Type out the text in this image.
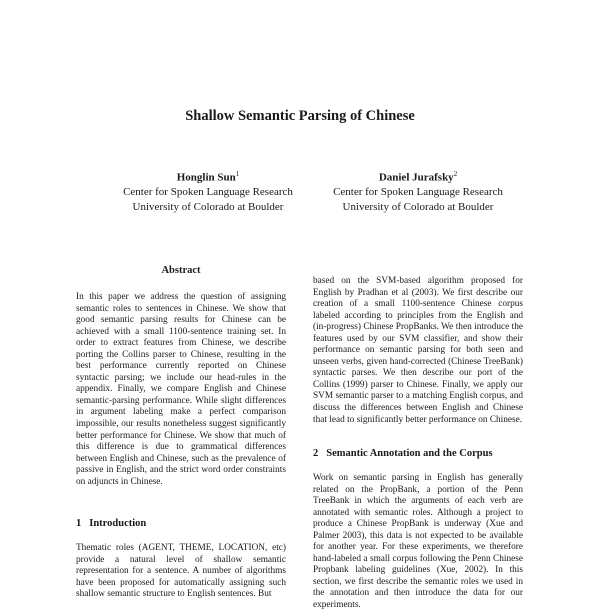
Shallow Semantic Parsing of Chinese
Honglin Sun$^1$
Center for Spoken Language Research
University of Colorado at Boulder
Daniel Jurafsky$^2$
Center for Spoken Language Research
University of Colorado at Boulder
Abstract

In this paper we address the question of assigning semantic roles to sentences in Chinese. We show that good semantic parsing results for Chinese can be achieved with a small 1100-sentence training set. In order to extract features from Chinese, we describe porting the Collins parser to Chinese, resulting in the best performance currently reported on Chinese syntactic parsing; we include our head-rules in the appendix. Finally, we compare English and Chinese semantic-parsing performance. While slight differences in argument labeling make a perfect comparison impossible, our results nonetheless suggest significantly better performance for Chinese. We show that much of this difference is due to grammatical differences between English and Chinese, such as the prevalence of passive in English, and the strict word order constraints on adjuncts in Chinese.

1 Introduction

Thematic roles (AGENT, THEME, LOCATION, etc) provide a natural level of shallow semantic representation for a sentence. A number of algorithms have been proposed for automatically assigning such shallow semantic structure to English sentences. But

based on the SVM-based algorithm proposed for English by Pradhan et al (2003). We first describe our creation of a small 1100-sentence Chinese corpus labeled according to principles from the English and (in-progress) Chinese PropBanks. We then introduce the features used by our SVM classifier, and show their performance on semantic parsing for both seen and unseen verbs, given hand-corrected (Chinese TreeBank) syntactic parses. We then describe our port of the Collins (1999) parser to Chinese. Finally, we apply our SVM semantic parser to a matching English corpus, and discuss the differences between English and Chinese that lead to significantly better performance on Chinese.

2 Semantic Annotation and the Corpus

Work on semantic parsing in English has generally related on the PropBank, a portion of the Penn TreeBank in which the arguments of each verb are annotated with semantic roles. Although a project to produce a Chinese PropBank is underway (Xue and Palmer 2003), this data is not expected to be available for another year. For these experiments, we therefore hand-labeled a small corpus following the Penn Chinese Propbank labeling guidelines (Xue, 2002). In this section, we first describe the semantic roles we used in the annotation and then introduce the data for our experiments.
